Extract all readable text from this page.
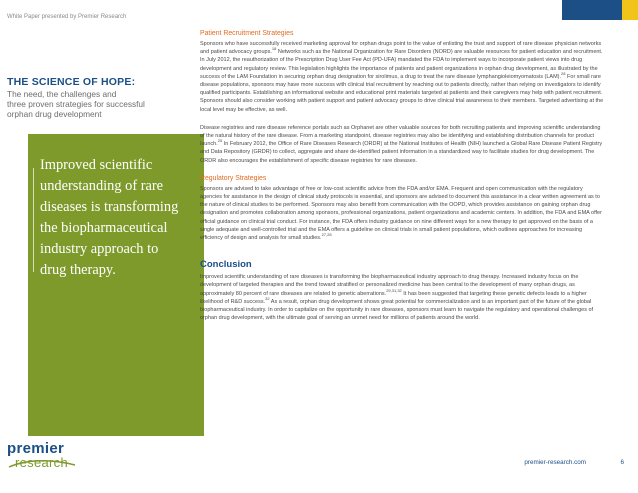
White Paper presented by Premier Research
THE SCIENCE OF HOPE:
The need, the challenges and
three proven strategies for successful
orphan drug development
Improved scientific
understanding of rare
diseases is transforming
the biopharmaceutical
industry approach to
drug therapy.
Patient Recruitment Strategies

Sponsors who have successfully received marketing approval for orphan drugs point to the value of enlisting the trust and support of rare disease physician networks and patient advocacy groups.$^{18}$ Networks such as the National Organization for Rare Disorders (NORD) are valuable resources for patient education and recruitment. In July 2012, the reauthorization of the Prescription Drug User Fee Act (PD-UFA) mandated the FDA to implement ways to incorporate patient views into drug development and regulatory review. This legislation highlights the importance of patients and patient organizations in orphan drug development, as illustrated by the success of the LAM Foundation in securing orphan drug designation for sirolimus, a drug to treat the rare disease lymphangioleiomyomatosis (LAM).$^{28}$ For small rare disease populations, sponsors may have more success with clinical trial recruitment by reaching out to patients directly, rather than relying on investigators to identify qualified participants. Establishing an informational website and educational print materials targeted at patients and their caregivers may help with patient recruitment. Sponsors should also consider working with patient support and patient advocacy groups to drive clinical trial awareness to their members. Targeted advertising at the local level may be effective, as well.

Disease registries and rare disease reference portals such as Orphanet are other valuable sources for both recruiting patients and improving scientific understanding of the natural history of the rare disease. From a marketing standpoint, disease registries may also be identifying and establishing distribution channels for product launch.$^{25}$ In February 2012, the Office of Rare Diseases Research (ORDR) at the National Institutes of Health (NIH) launched a Global Rare Disease Patient Registry and Data Repository (GRDR) to collect, aggregate and share de-identified patient information in a standardized way to facilitate studies for drug development. The ORDR also encourages the establishment of specific disease registries for rare diseases.

Regulatory Strategies

Sponsors are advised to take advantage of free or low-cost scientific advice from the FDA and/or EMA. Frequent and open communication with the regulatory agencies for assistance in the design of clinical study protocols is essential, and sponsors are advised to document this assistance in a clear written agreement as to the nature of clinical studies to be performed. Sponsors may also benefit from communication with the OOPD, which provides assistance on gaining orphan drug designation and promotes collaboration among sponsors, professional organizations, patient organizations and academic centers. In addition, the FDA and EMA offer official guidance on clinical trial conduct. For instance, the FDA offers industry guidance on nine different ways for a new therapy to get approved on the basis of a single adequate and well-controlled trial and the EMA offers a guideline on clinical trials in small patient populations, which outlines approaches for increasing efficiency of design and analysis for small studies.$^{27,28}$

Conclusion

Improved scientific understanding of rare diseases is transforming the biopharmaceutical industry approach to drug therapy. Increased industry focus on the development of targeted therapies and the trend toward stratified or personalized medicine has been central to the development of many orphan drugs, as approximately 80 percent of rare diseases are related to genetic aberrations.$^{29,31,32}$ It has been suggested that targeting these genetic defects leads to a higher likelihood of R&D success.$^{32}$ As a result, orphan drug development shows great potential for commercialization and is an important part of the future of the global biopharmaceutical industry. In order to capitalize on the opportunity in rare diseases, sponsors must learn to navigate the regulatory and operational challenges of orphan drug development, with the ultimate goal of serving an unmet need for millions of patients around the world.

premier
research	premier-research.com	6
